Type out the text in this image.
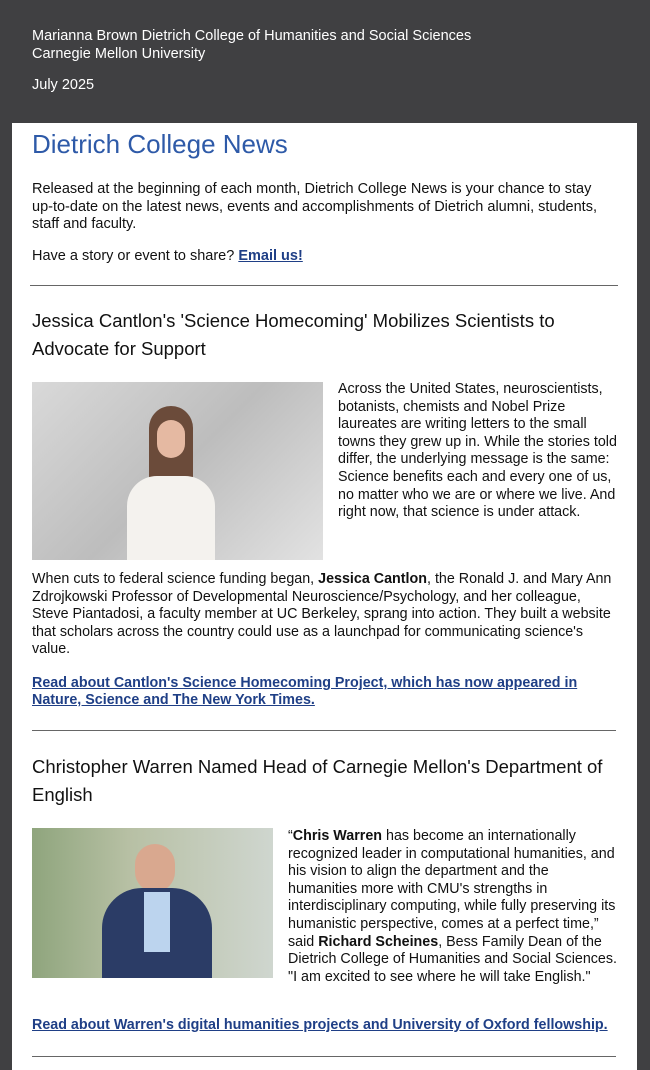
Marianna Brown Dietrich College of Humanities and Social Sciences
Carnegie Mellon University
July 2025
Dietrich College News
Released at the beginning of each month, Dietrich College News is your chance to stay up-to-date on the latest news, events and accomplishments of Dietrich alumni, students, staff and faculty.
Have a story or event to share? Email us!
Jessica Cantlon's 'Science Homecoming' Mobilizes Scientists to Advocate for Support
Across the United States, neuroscientists, botanists, chemists and Nobel Prize laureates are writing letters to the small towns they grew up in. While the stories told differ, the underlying message is the same: Science benefits each and every one of us, no matter who we are or where we live. And right now, that science is under attack.
When cuts to federal science funding began, Jessica Cantlon, the Ronald J. and Mary Ann Zdrojkowski Professor of Developmental Neuroscience/Psychology, and her colleague, Steve Piantadosi, a faculty member at UC Berkeley, sprang into action. They built a website that scholars across the country could use as a launchpad for communicating science's value.
Read about Cantlon's Science Homecoming Project, which has now appeared in Nature, Science and The New York Times.
Christopher Warren Named Head of Carnegie Mellon's Department of English
“Chris Warren has become an internationally recognized leader in computational humanities, and his vision to align the department and the humanities more with CMU's strengths in interdisciplinary computing, while fully preserving its humanistic perspective, comes at a perfect time,” said Richard Scheines, Bess Family Dean of the Dietrich College of Humanities and Social Sciences. "I am excited to see where he will take English."
Read about Warren's digital humanities projects and University of Oxford fellowship.
